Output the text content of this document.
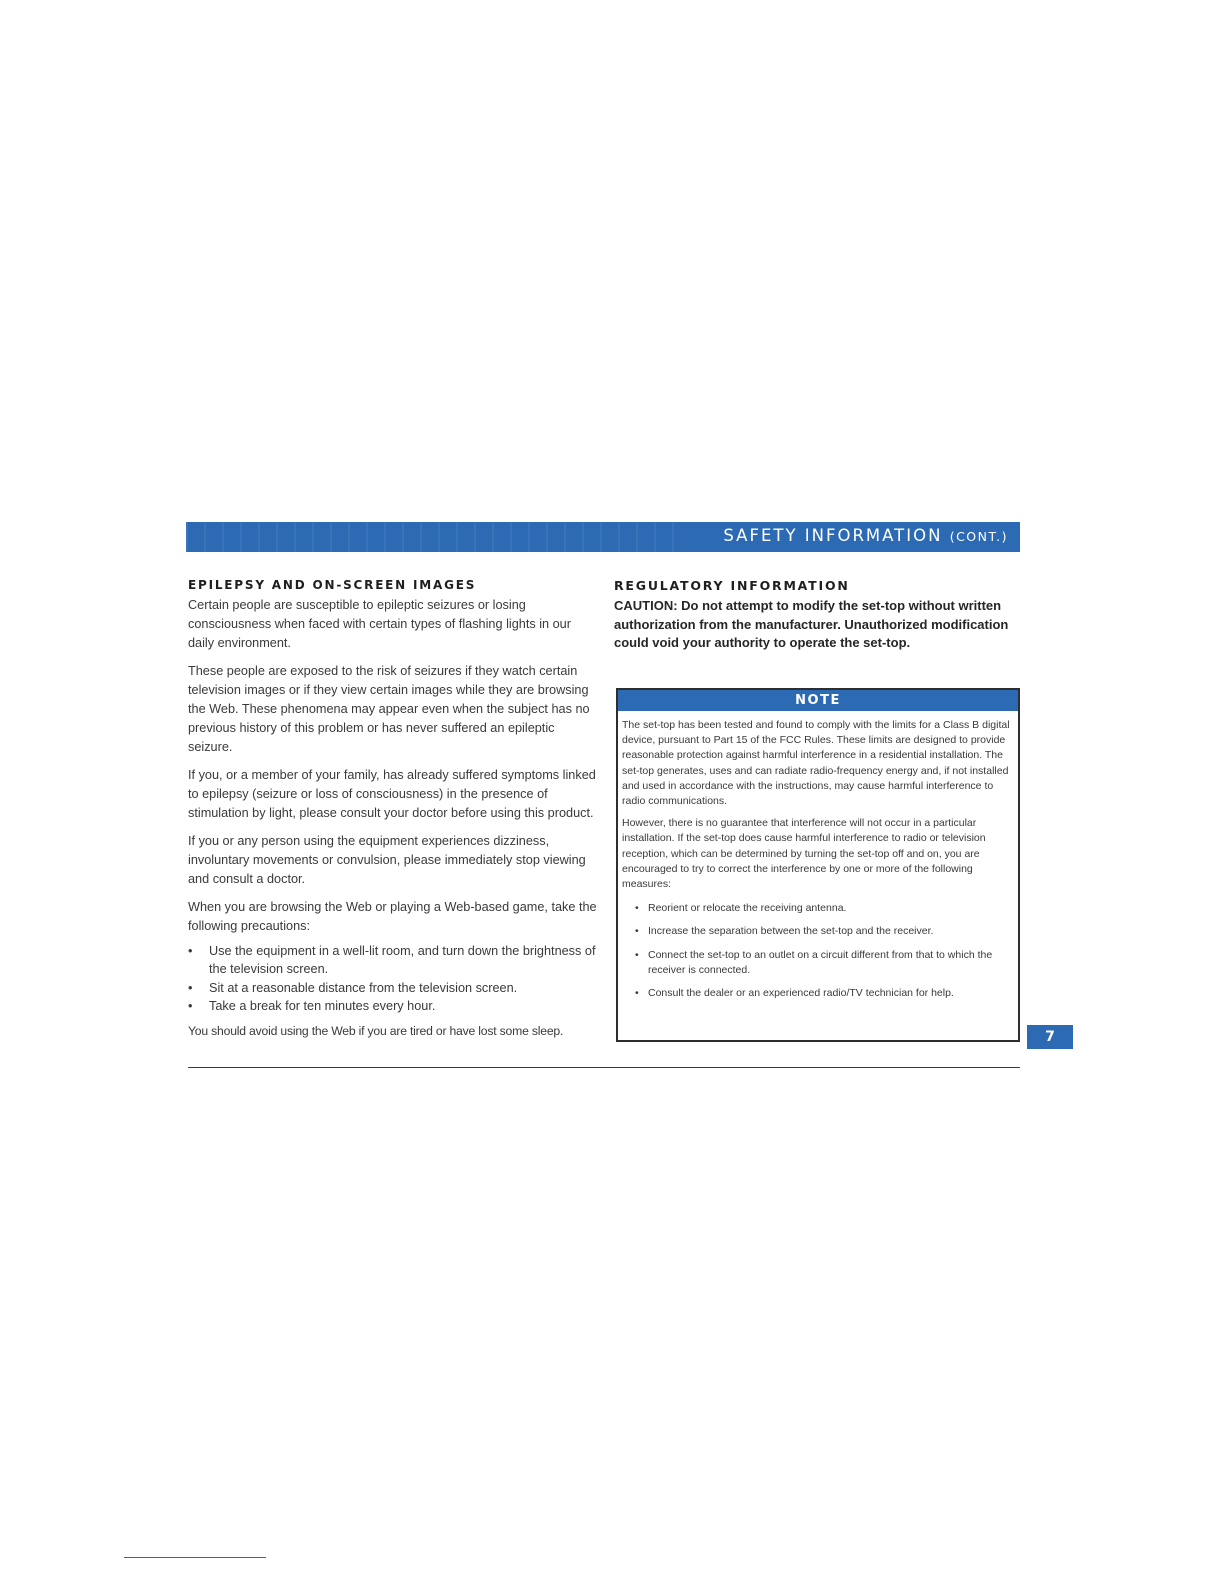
SAFETY INFORMATION (CONT.)
EPILEPSY AND ON-SCREEN IMAGES

Certain people are susceptible to epileptic seizures or losing consciousness when faced with certain types of flashing lights in our daily environment.

These people are exposed to the risk of seizures if they watch certain television images or if they view certain images while they are browsing the Web. These phenomena may appear even when the subject has no previous history of this problem or has never suffered an epileptic seizure.

If you, or a member of your family, has already suffered symptoms linked to epilepsy (seizure or loss of consciousness) in the presence of stimulation by light, please consult your doctor before using this product.

If you or any person using the equipment experiences dizziness, involuntary movements or convulsion, please immediately stop viewing and consult a doctor.

When you are browsing the Web or playing a Web-based game, take the following precautions:

• Use the equipment in a well-lit room, and turn down the brightness of the television screen.
• Sit at a reasonable distance from the television screen.
• Take a break for ten minutes every hour.

You should avoid using the Web if you are tired or have lost some sleep.

REGULATORY INFORMATION

CAUTION: Do not attempt to modify the set-top without written authorization from the manufacturer. Unauthorized modification could void your authority to operate the set-top.

NOTE

The set-top has been tested and found to comply with the limits for a Class B digital device, pursuant to Part 15 of the FCC Rules. These limits are designed to provide reasonable protection against harmful interference in a residential installation. The set-top generates, uses and can radiate radio-frequency energy and, if not installed and used in accordance with the instructions, may cause harmful interference to radio communications.

However, there is no guarantee that interference will not occur in a particular installation. If the set-top does cause harmful interference to radio or television reception, which can be determined by turning the set-top off and on, you are encouraged to try to correct the interference by one or more of the following measures:

• Reorient or relocate the receiving antenna.
• Increase the separation between the set-top and the receiver.
• Connect the set-top to an outlet on a circuit different from that to which the receiver is connected.
• Consult the dealer or an experienced radio/TV technician for help.
7
